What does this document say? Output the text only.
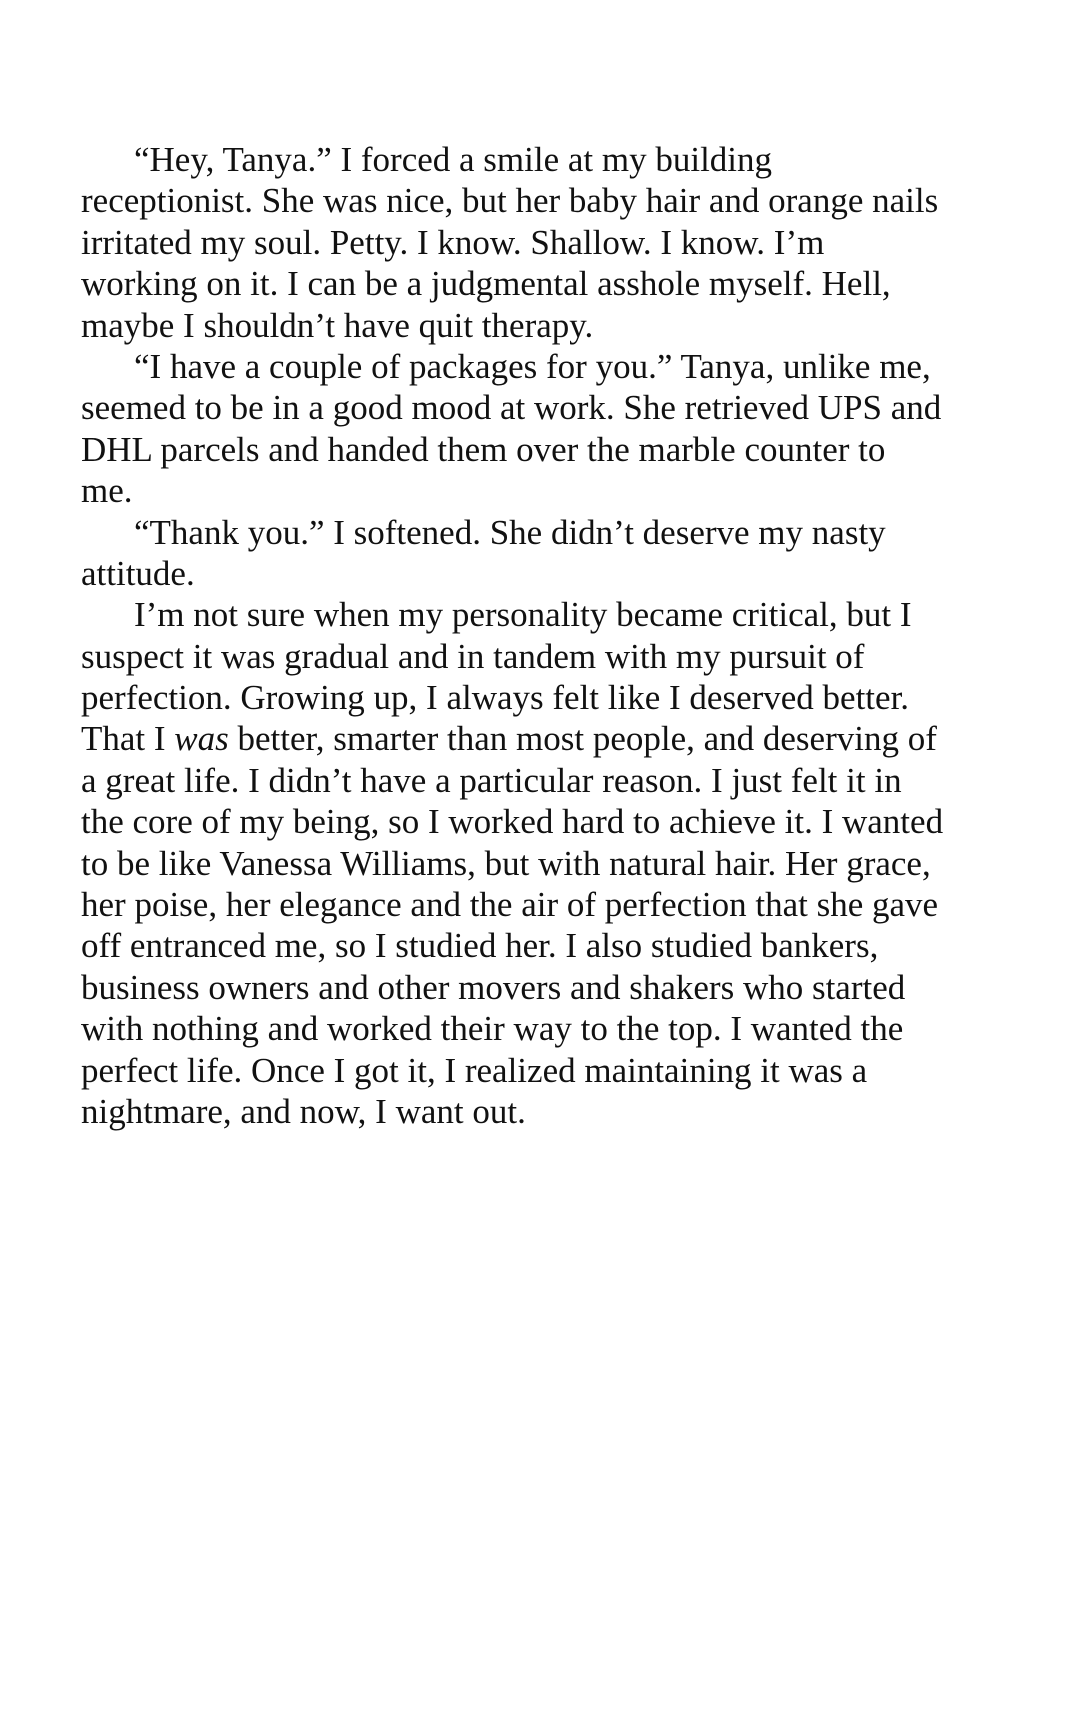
“Hey, Tanya.” I forced a smile at my building
receptionist. She was nice, but her baby hair and orange nails
irritated my soul. Petty. I know. Shallow. I know. I’m
working on it. I can be a judgmental asshole myself. Hell,
maybe I shouldn’t have quit therapy.
“I have a couple of packages for you.” Tanya, unlike me,
seemed to be in a good mood at work. She retrieved UPS and
DHL parcels and handed them over the marble counter to
me.
“Thank you.” I softened. She didn’t deserve my nasty
attitude.
I’m not sure when my personality became critical, but I
suspect it was gradual and in tandem with my pursuit of
perfection. Growing up, I always felt like I deserved better.
That I was better, smarter than most people, and deserving of
a great life. I didn’t have a particular reason. I just felt it in
the core of my being, so I worked hard to achieve it. I wanted
to be like Vanessa Williams, but with natural hair. Her grace,
her poise, her elegance and the air of perfection that she gave
off entranced me, so I studied her. I also studied bankers,
business owners and other movers and shakers who started
with nothing and worked their way to the top. I wanted the
perfect life. Once I got it, I realized maintaining it was a
nightmare, and now, I want out.
